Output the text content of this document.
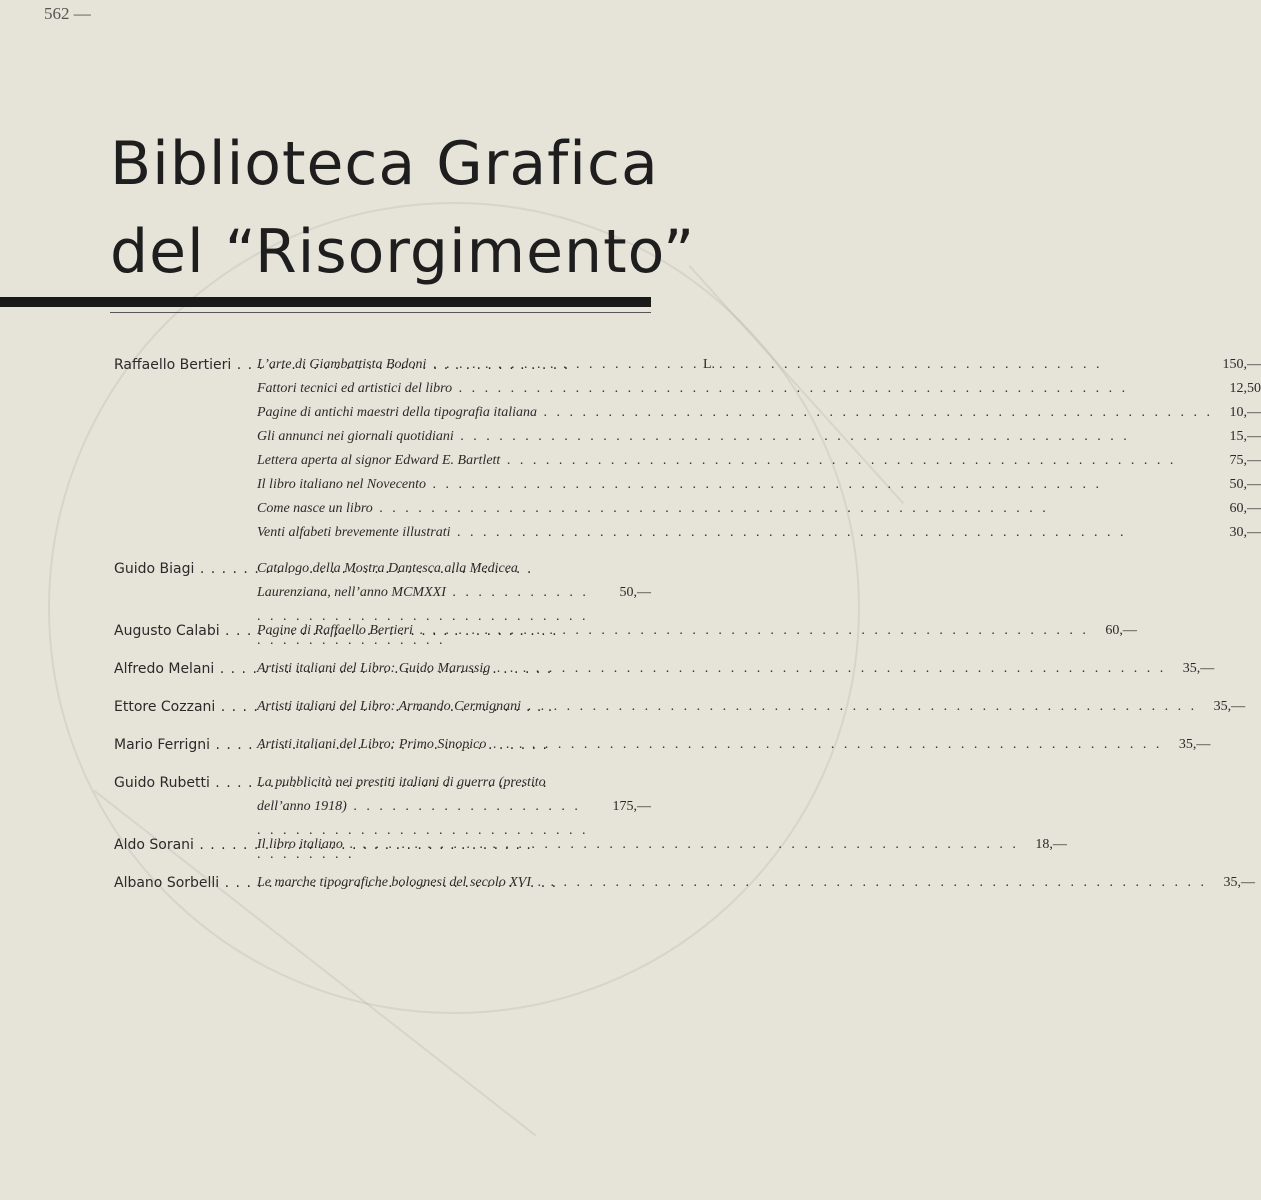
562 —
Biblioteca Grafica
del “Risorgimento”
Raffaello Bertieri . . .	L’arte di Giambattista Bodoni . . .	150,—
Fattori tecnici ed artistici del libro . . .	12,50
Pagine di antichi maestri della tipografia italiana . . .	10,—
Gli annunci nei giornali quotidiani . . .	15,—
Lettera aperta al signor Edward E. Bartlett . . .	75,—
Il libro italiano nel Novecento . . .	50,—
Come nasce un libro . . .	60,—
Venti alfabeti brevemente illustrati . . .	30,—
Guido Biagi . . .	Catalogo della Mostra Dantesca alla Medicea Laurenziana, nell’anno MCMXXI . . .	50,—
Augusto Calabi . . .	Pagine di Raffaello Bertieri . . .	60,—
Alfredo Melani . . .	Artisti italiani del Libro: Guido Marussig . . .	35,—
Ettore Cozzani . . .	Artisti italiani del Libro: Armando Cermignani . . .	35,—
Mario Ferrigni . . .	Artisti italiani del Libro: Primo Sinopico . . .	35,—
Guido Rubetti . . .	La pubblicità nei prestiti italiani di guerra (prestito dell’anno 1918) . . .	175,—
Aldo Sorani . . .	Il libro italiano . . .	18,—
Albano Sorbelli . . .	Le marche tipografiche bolognesi del secolo XVI . . .	35,—
L.
